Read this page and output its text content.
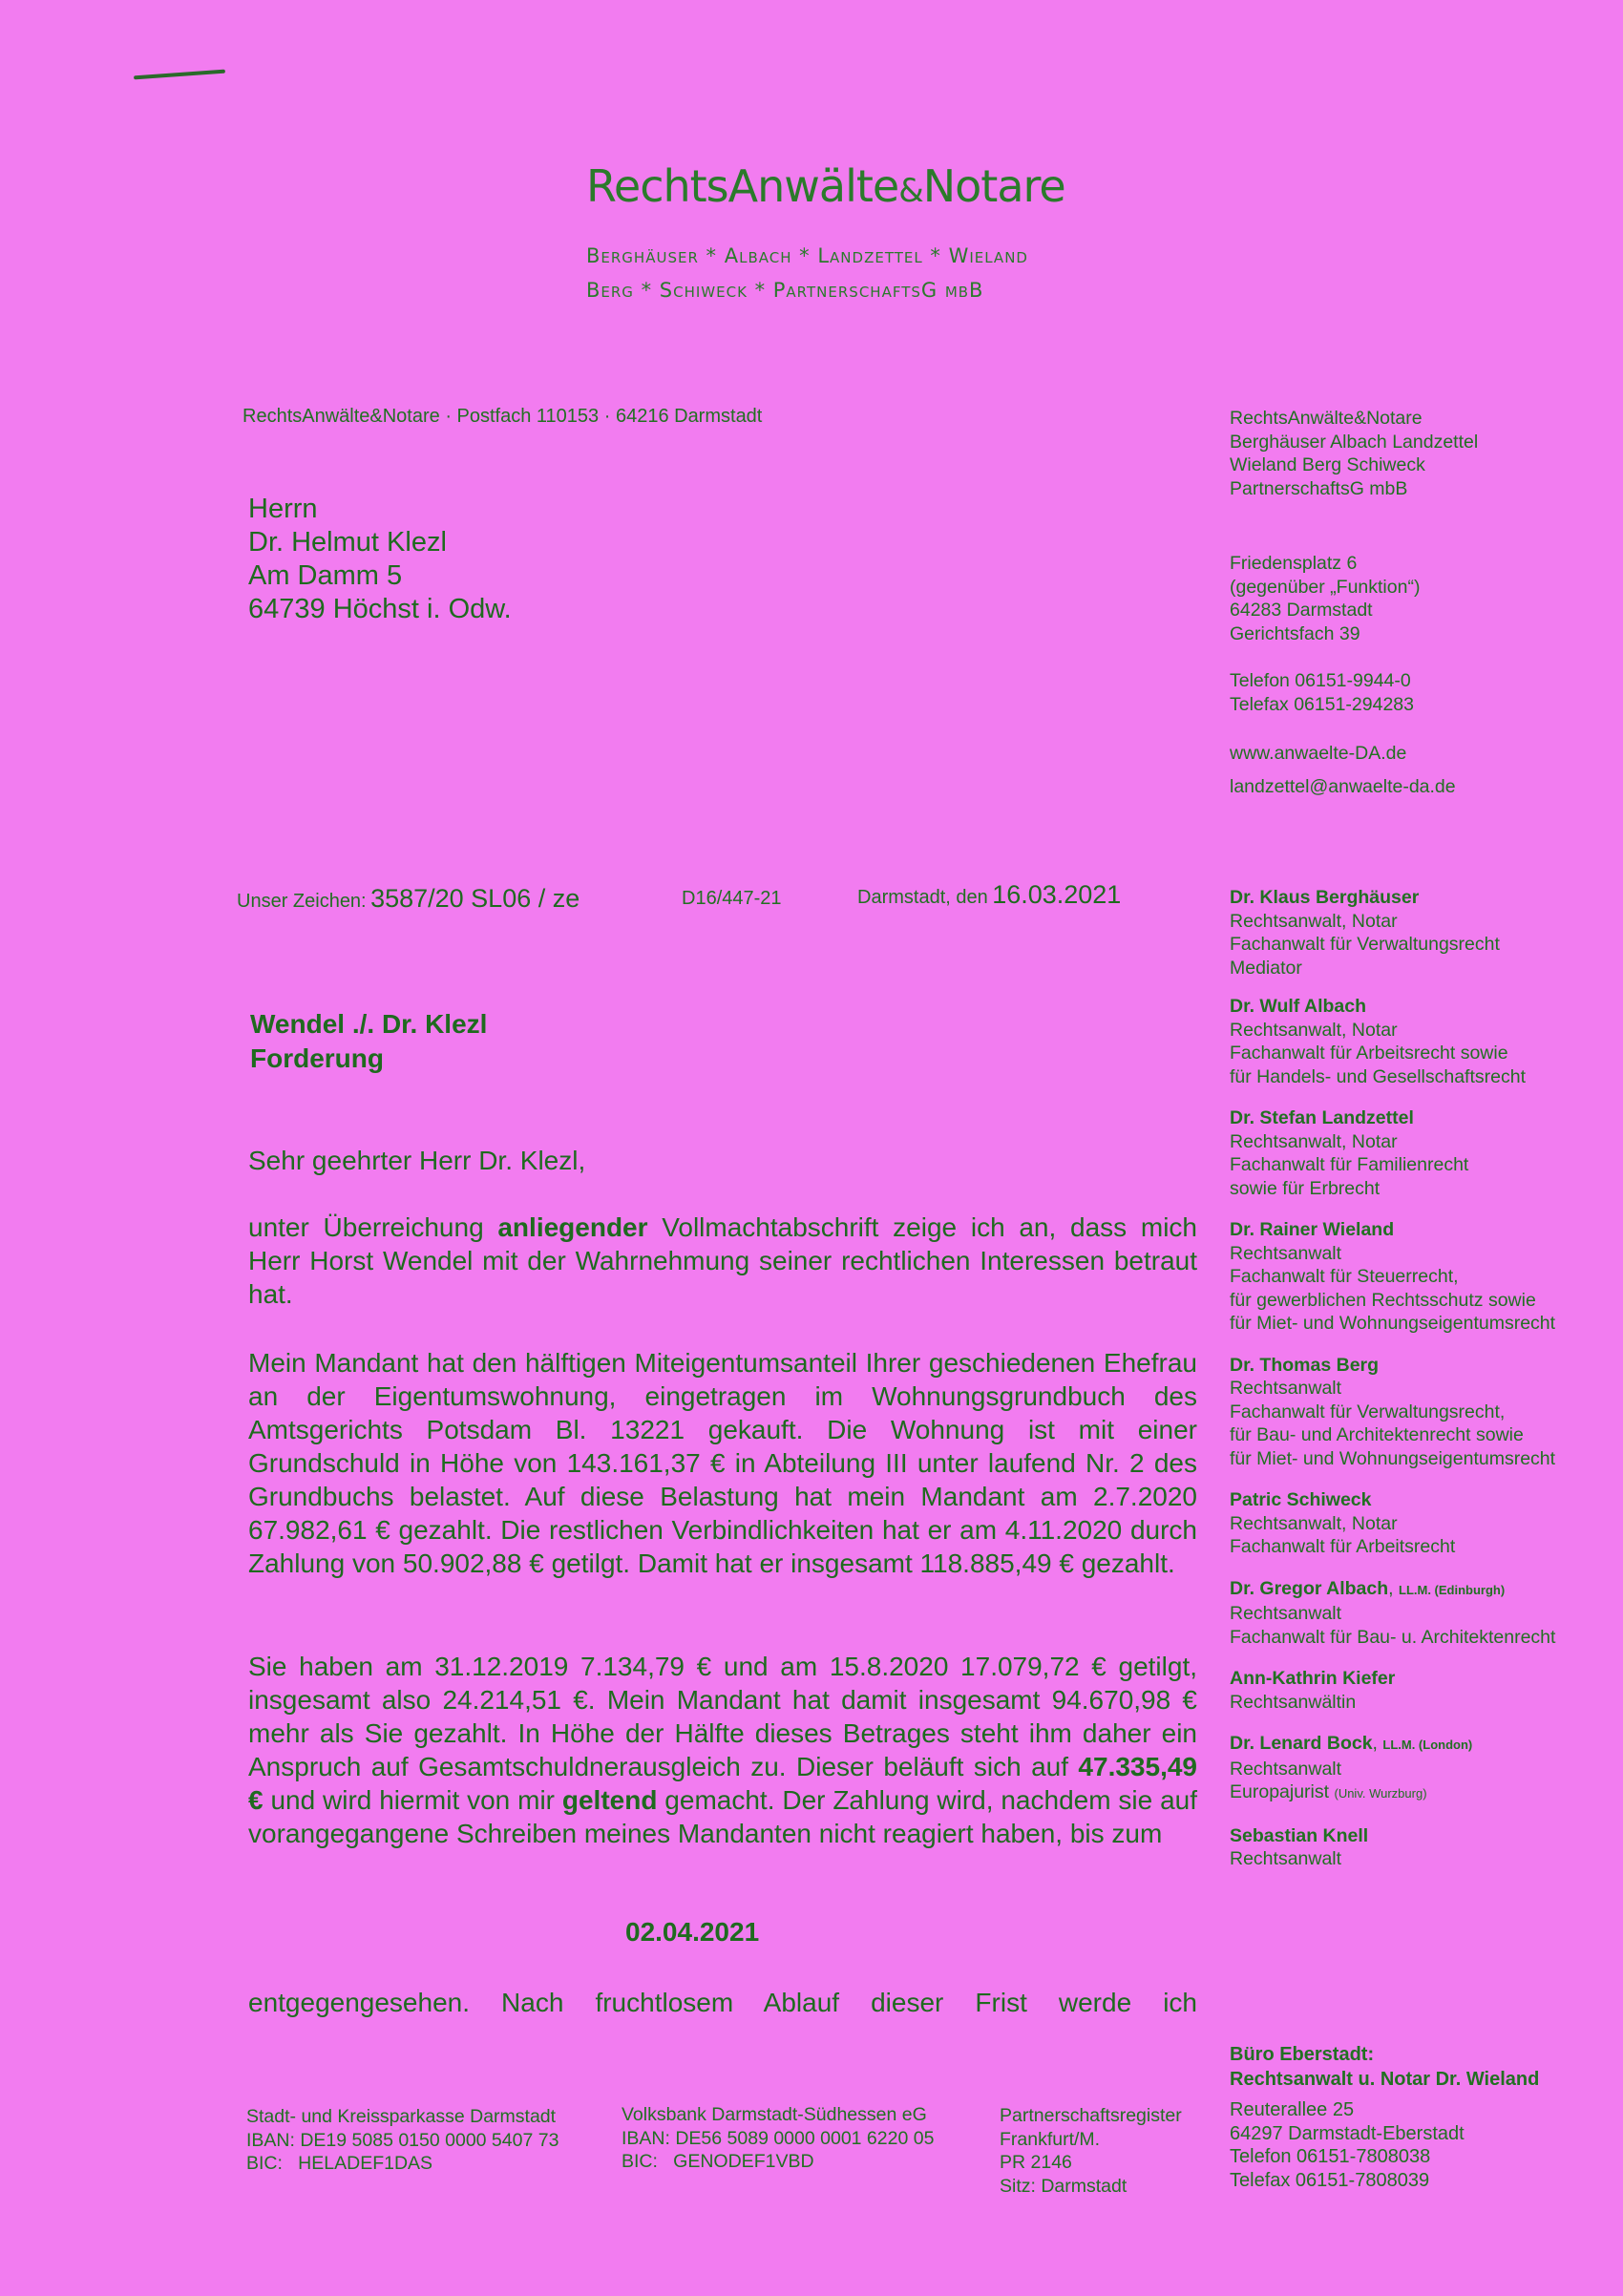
RechtsAnwälte&Notare
Berghäuser * Albach * Landzettel * Wieland
Berg * Schiweck * PartnerschaftsG mbB
RechtsAnwälte&Notare · Postfach 110153 · 64216 Darmstadt
Herrn
Dr. Helmut Klezl
Am Damm 5
64739 Höchst i. Odw.
RechtsAnwälte&Notare
Berghäuser Albach Landzettel
Wieland Berg Schiweck
PartnerschaftsG mbB
Friedensplatz 6
(gegenüber „Funktion“)
64283 Darmstadt
Gerichtsfach 39
Telefon 06151-9944-0
Telefax 06151-294283
www.anwaelte-DA.de
landzettel@anwaelte-da.de
Unser Zeichen: 3587/20 SL06 / ze	D16/447-21	Darmstadt, den 16.03.2021
Wendel ./. Dr. Klezl
Forderung
Sehr geehrter Herr Dr. Klezl,
unter Überreichung anliegender Vollmachtabschrift zeige ich an, dass mich Herr Horst Wendel mit der Wahrnehmung seiner rechtlichen Interessen betraut hat.
Mein Mandant hat den hälftigen Miteigentumsanteil Ihrer geschiedenen Ehefrau an der Eigentumswohnung, eingetragen im Wohnungsgrundbuch des Amtsgerichts Potsdam Bl. 13221 gekauft. Die Wohnung ist mit einer Grundschuld in Höhe von 143.161,37 € in Abteilung III unter laufend Nr. 2 des Grundbuchs belastet. Auf diese Belastung hat mein Mandant am 2.7.2020 67.982,61 € gezahlt. Die restlichen Verbindlichkeiten hat er am 4.11.2020 durch Zahlung von 50.902,88 € getilgt. Damit hat er insgesamt 118.885,49 € gezahlt.
Sie haben am 31.12.2019 7.134,79 € und am 15.8.2020 17.079,72 € getilgt, insgesamt also 24.214,51 €. Mein Mandant hat damit insgesamt 94.670,98 € mehr als Sie gezahlt. In Höhe der Hälfte dieses Betrages steht ihm daher ein Anspruch auf Gesamtschuldnerausgleich zu. Dieser beläuft sich auf 47.335,49 € und wird hiermit von mir geltend gemacht. Der Zahlung wird, nachdem sie auf vorangegangene Schreiben meines Mandanten nicht reagiert haben, bis zum
02.04.2021
entgegengesehen. Nach fruchtlosem Ablauf dieser Frist werde ich
Dr. Klaus Berghäuser
Rechtsanwalt, Notar
Fachanwalt für Verwaltungsrecht
Mediator
Dr. Wulf Albach
Rechtsanwalt, Notar
Fachanwalt für Arbeitsrecht sowie
für Handels- und Gesellschaftsrecht
Dr. Stefan Landzettel
Rechtsanwalt, Notar
Fachanwalt für Familienrecht
sowie für Erbrecht
Dr. Rainer Wieland
Rechtsanwalt
Fachanwalt für Steuerrecht,
für gewerblichen Rechtsschutz sowie
für Miet- und Wohnungseigentumsrecht
Dr. Thomas Berg
Rechtsanwalt
Fachanwalt für Verwaltungsrecht,
für Bau- und Architektenrecht sowie
für Miet- und Wohnungseigentumsrecht
Patric Schiweck
Rechtsanwalt, Notar
Fachanwalt für Arbeitsrecht
Dr. Gregor Albach, LL.M. (Edinburgh)
Rechtsanwalt
Fachanwalt für Bau- u. Architektenrecht
Ann-Kathrin Kiefer
Rechtsanwältin
Dr. Lenard Bock, LL.M. (London)
Rechtsanwalt
Europajurist (Univ. Wurzburg)
Sebastian Knell
Rechtsanwalt
Büro Eberstadt:
Rechtsanwalt u. Notar Dr. Wieland
Reuterallee 25
64297 Darmstadt-Eberstadt
Telefon 06151-7808038
Telefax 06151-7808039
Stadt- und Kreissparkasse Darmstadt
IBAN: DE19 5085 0150 0000 5407 73
BIC:   HELADEF1DAS
Volksbank Darmstadt-Südhessen eG
IBAN: DE56 5089 0000 0001 6220 05
BIC:   GENODEF1VBD
Partnerschaftsregister
Frankfurt/M.
PR 2146
Sitz: Darmstadt
